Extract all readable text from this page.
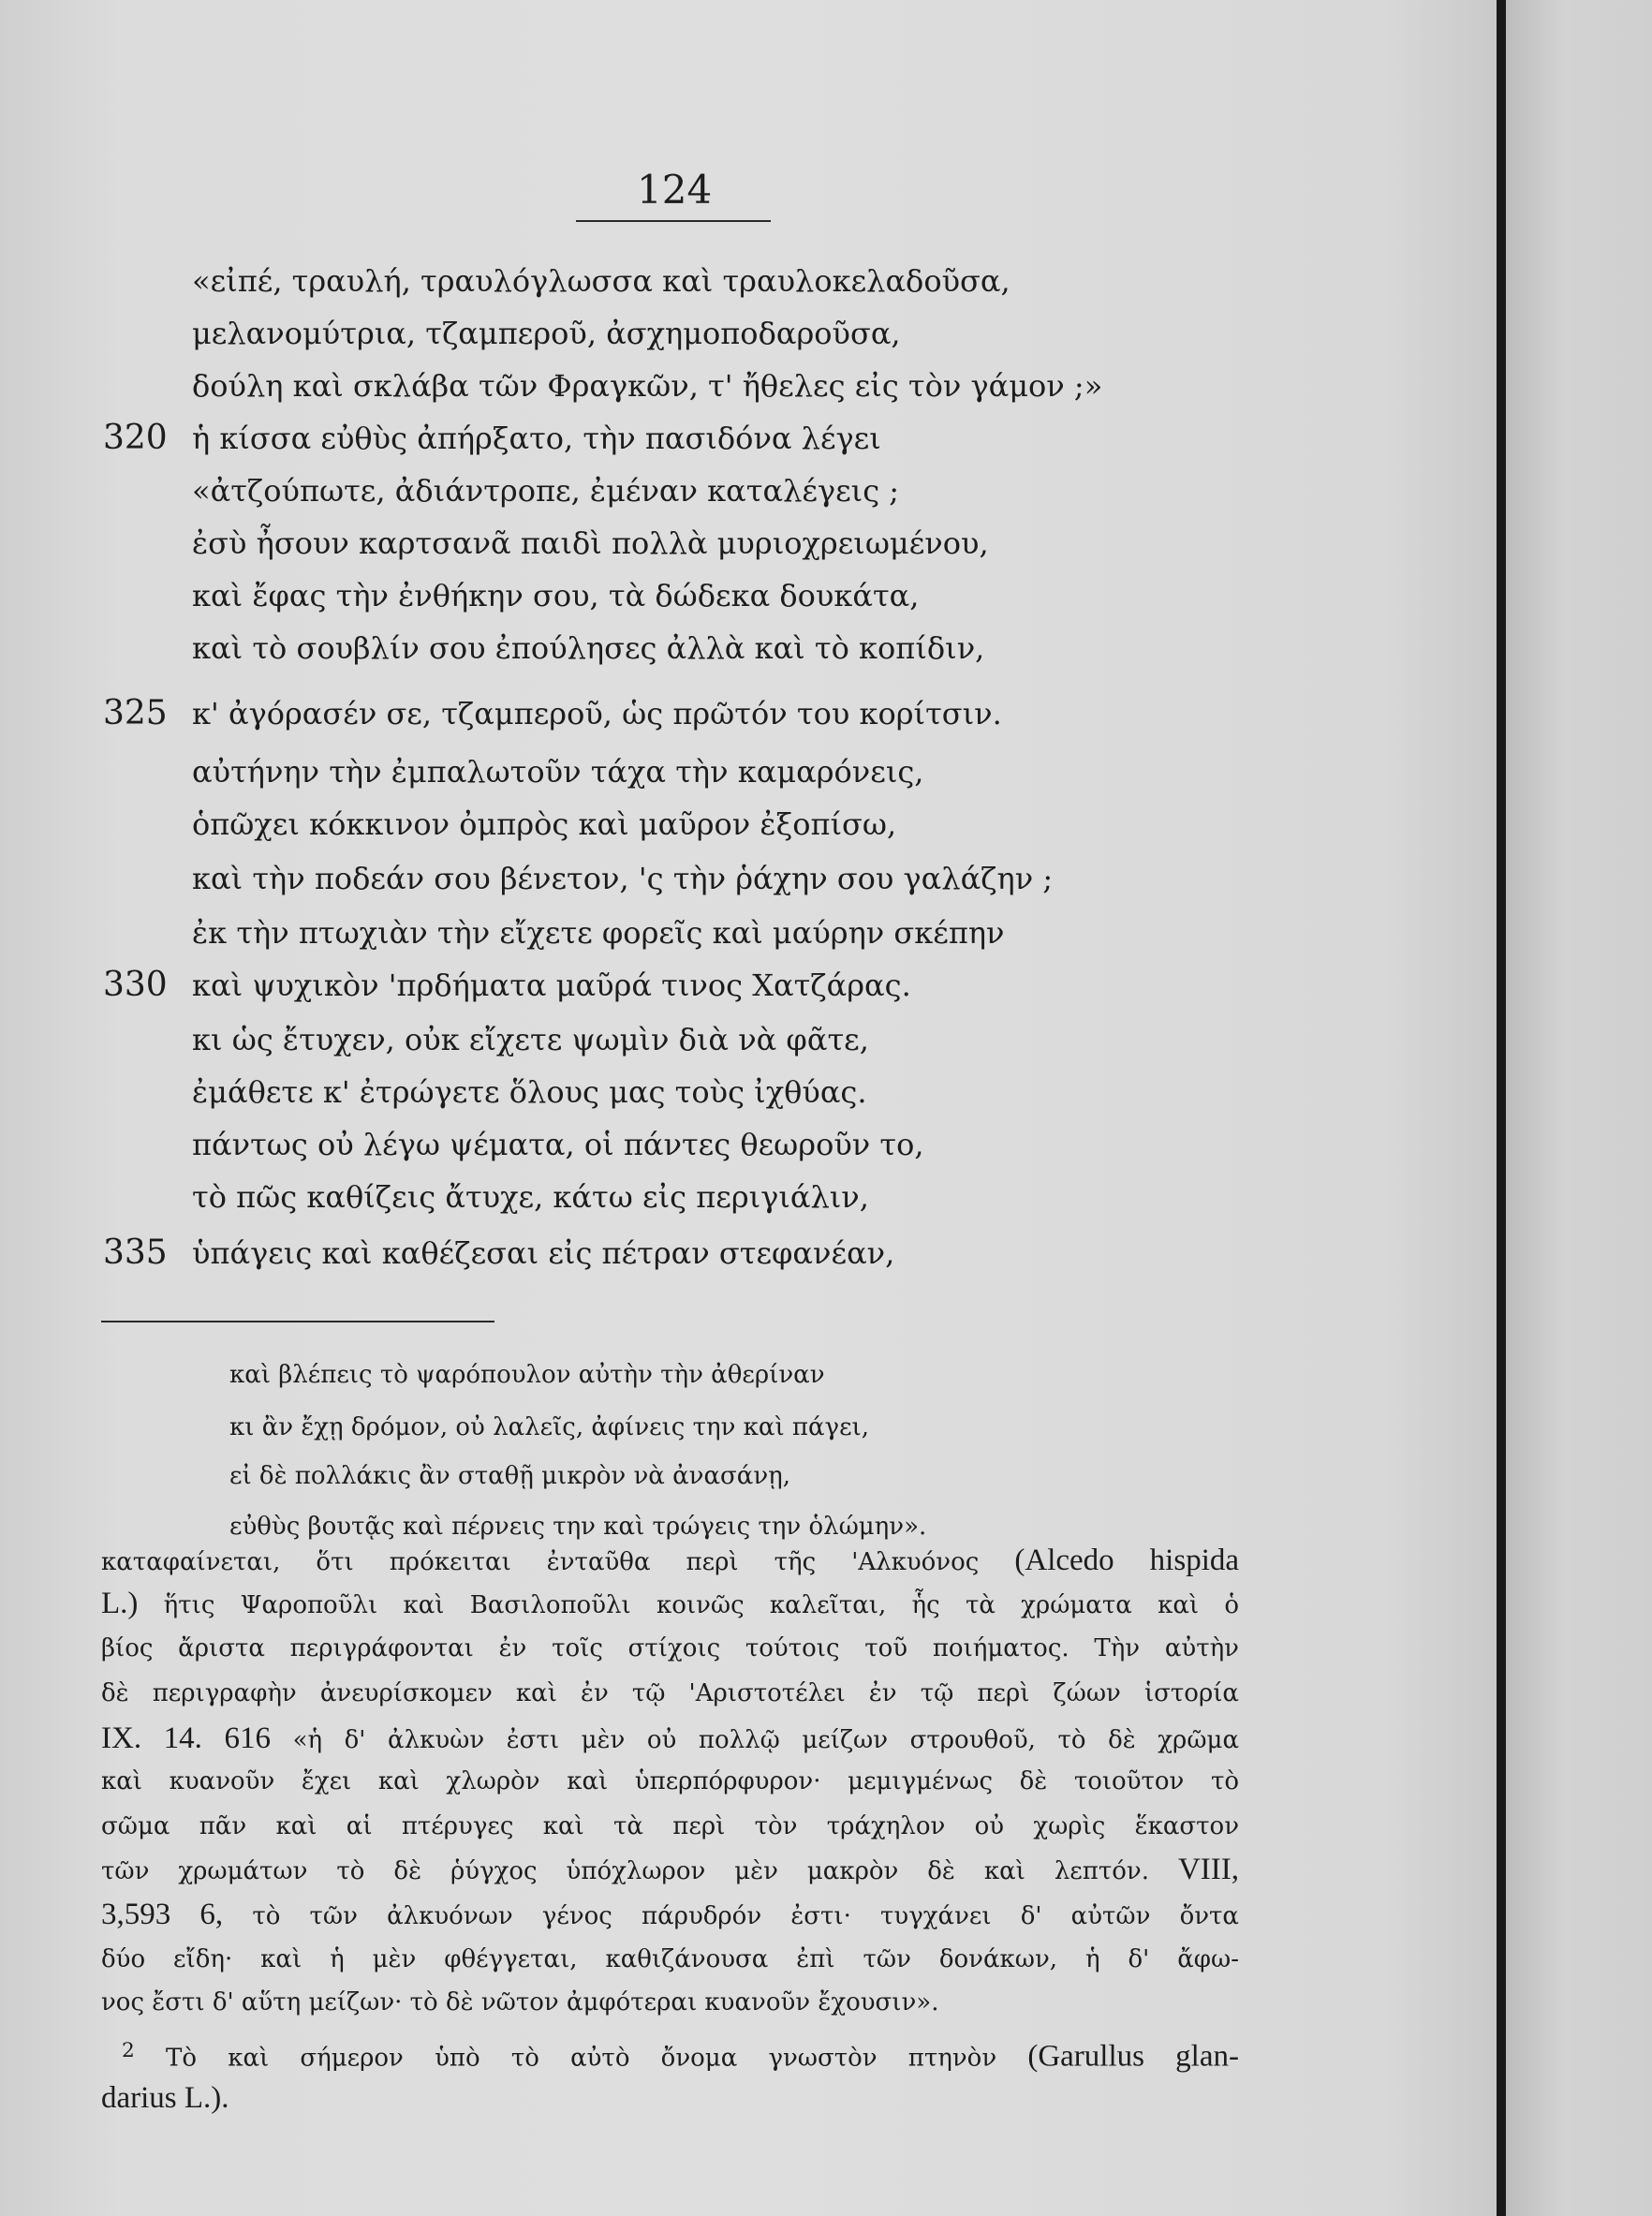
124
«εἰπέ, τραυλή, τραυλόγλωσσα καὶ τραυλοκελαδοῦσα,
μελανομύτρια, τζαμπεροῦ, ἀσχημοποδαροῦσα,
δούλη καὶ σκλάβα τῶν Φραγκῶν, τ' ἤθελες εἰς τὸν γάμον ;»
320 ἡ κίσσα εὐθὺς ἀπήρξατο, τὴν πασιδόνα λέγει
«ἀτζούπωτε, ἀδιάντροπε, ἐμέναν καταλέγεις ;
ἐσὺ ἦσουν καρτσανᾶ παιδὶ πολλὰ μυριοχρειωμένου,
καὶ ἔφας τὴν ἐνθήκην σου, τὰ δώδεκα δουκάτα,
καὶ τὸ σουβλίν σου ἐπούλησες ἀλλὰ καὶ τὸ κοπίδιν,
325 κ' ἀγόρασέν σε, τζαμπεροῦ, ὡς πρῶτόν του κορίτσιν.
αὐτήνην τὴν ἐμπαλωτοῦν τάχα τὴν καμαρόνεις,
ὁπῶχει κόκκινον ὀμπρὸς καὶ μαῦρον ἐξοπίσω,
καὶ τὴν ποδεάν σου βένετον, 'ς τὴν ῥάχην σου γαλάζην ;
ἐκ τὴν πτωχιὰν τὴν εἴχετε φορεῖς καὶ μαύρην σκέπην
330 καὶ ψυχικὸν 'πρδήματα μαῦρά τινος Χατζάρας.
κι ὡς ἔτυχεν, οὐκ εἴχετε ψωμὶν διὰ νὰ φᾶτε,
ἐμάθετε κ' ἐτρώγετε ὅλους μας τοὺς ἰχθύας.
πάντως οὐ λέγω ψέματα, οἱ πάντες θεωροῦν το,
τὸ πῶς καθίζεις ἄτυχε, κάτω εἰς περιγιάλιν,
335 ὑπάγεις καὶ καθέζεσαι εἰς πέτραν στεφανέαν,
καὶ βλέπεις τὸ ψαρόπουλον αὐτὴν τὴν ἀθερίναν
κι ἂν ἔχῃ δρόμον, οὐ λαλεῖς, ἀφίνεις την καὶ πάγει,
εἰ δὲ πολλάκις ἂν σταθῇ μικρὸν νὰ ἀνασάνῃ,
εὐθὺς βουτᾷς καὶ πέρνεις την καὶ τρώγεις την ὁλώμην».
καταφαίνεται, ὅτι πρόκειται ἐνταῦθα περὶ τῆς 'Αλκυόνος (Alcedo hispida
L.) ἥτις Ψαροποῦλι καὶ Βασιλοποῦλι κοινῶς καλεῖται, ἧς τὰ χρώματα καὶ ὁ
βίος ἄριστα περιγράφονται ἐν τοῖς στίχοις τούτοις τοῦ ποιήματος. Τὴν αὐτὴν
δὲ περιγραφὴν ἀνευρίσκομεν καὶ ἐν τῷ 'Αριστοτέλει ἐν τῷ περὶ ζώων ἱστορία
IX. 14. 616 «ἡ δ' ἀλκυὼν ἐστι μὲν οὐ πολλῷ μείζων στρουθοῦ, τὸ δὲ χρῶμα
καὶ κυανοῦν ἔχει καὶ χλωρὸν καὶ ὑπερπόρφυρον· μεμιγμένως δὲ τοιοῦτον τὸ
σῶμα πᾶν καὶ αἱ πτέρυγες καὶ τὰ περὶ τὸν τράχηλον οὐ χωρὶς ἕκαστον
τῶν χρωμάτων τὸ δὲ ῥύγχος ὑπόχλωρον μὲν μακρὸν δὲ καὶ λεπτόν. VIII,
3,593 6, τὸ τῶν ἀλκυόνων γένος πάρυδρόν ἐστι· τυγχάνει δ' αὐτῶν ὄντα
δύο εἴδη· καὶ ἡ μὲν φθέγγεται, καθιζάνουσα ἐπὶ τῶν δονάκων, ἡ δ' ἄφω-
νος ἔστι δ' αὕτη μείζων· τὸ δὲ νῶτον ἀμφότεραι κυανοῦν ἔχουσιν».
$^2$ Τὸ καὶ σήμερον ὑπὸ τὸ αὐτὸ ὄνομα γνωστὸν πτηνὸν (Garullus glan-
darius L.).
